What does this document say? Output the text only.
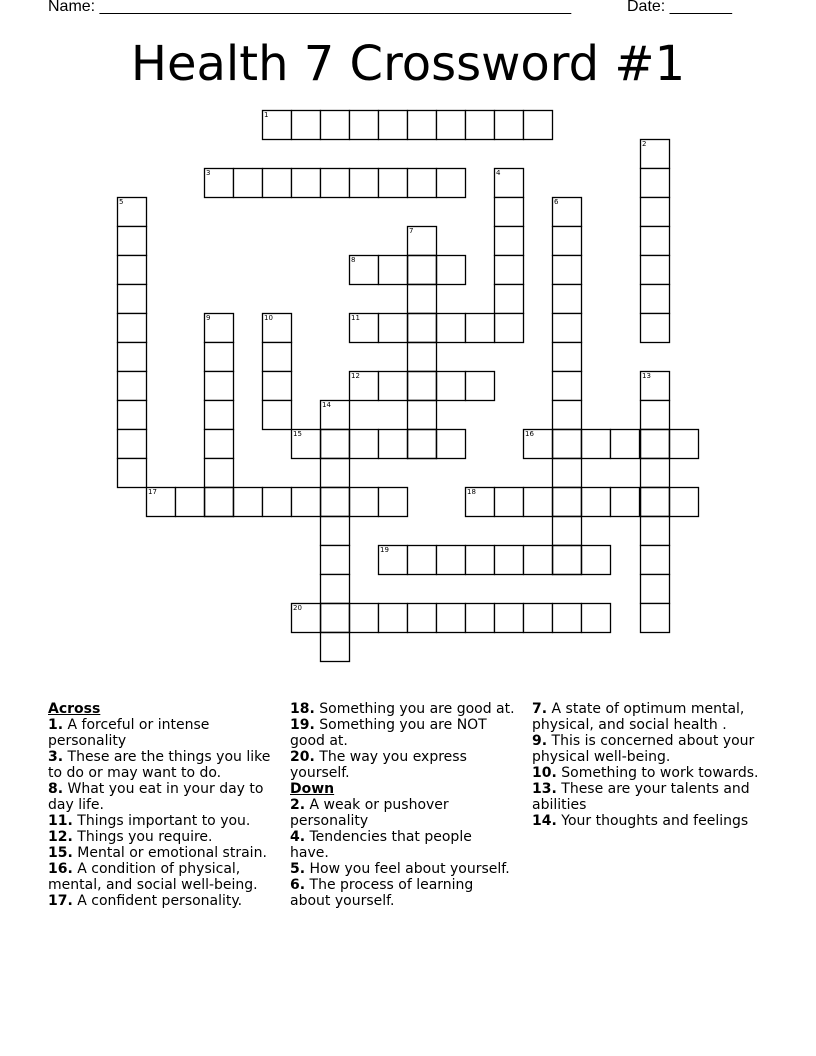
Name: _____________________________________________________	Date: _______
Health 7 Crossword #1
1
2
3	4
5	6
7
8
9	10	11
12	13
14
15	16
17	18
19
20

Across

1. A forceful or intense personality

3. These are the things you like to do or may want to do.

8. What you eat in your day to day life.

11. Things important to you.

12. Things you require.

15. Mental or emotional strain.

16. A condition of physical, mental, and social well-being.

17. A confident personality.

18. Something you are good at.

19. Something you are NOT good at.

20. The way you express yourself.

Down

2. A weak or pushover personality

4. Tendencies that people have.

5. How you feel about yourself.

6. The process of learning about yourself.

7. A state of optimum mental, physical, and social health .

9. This is concerned about your physical well-being.

10. Something to work towards.

13. These are your talents and abilities

14. Your thoughts and feelings
